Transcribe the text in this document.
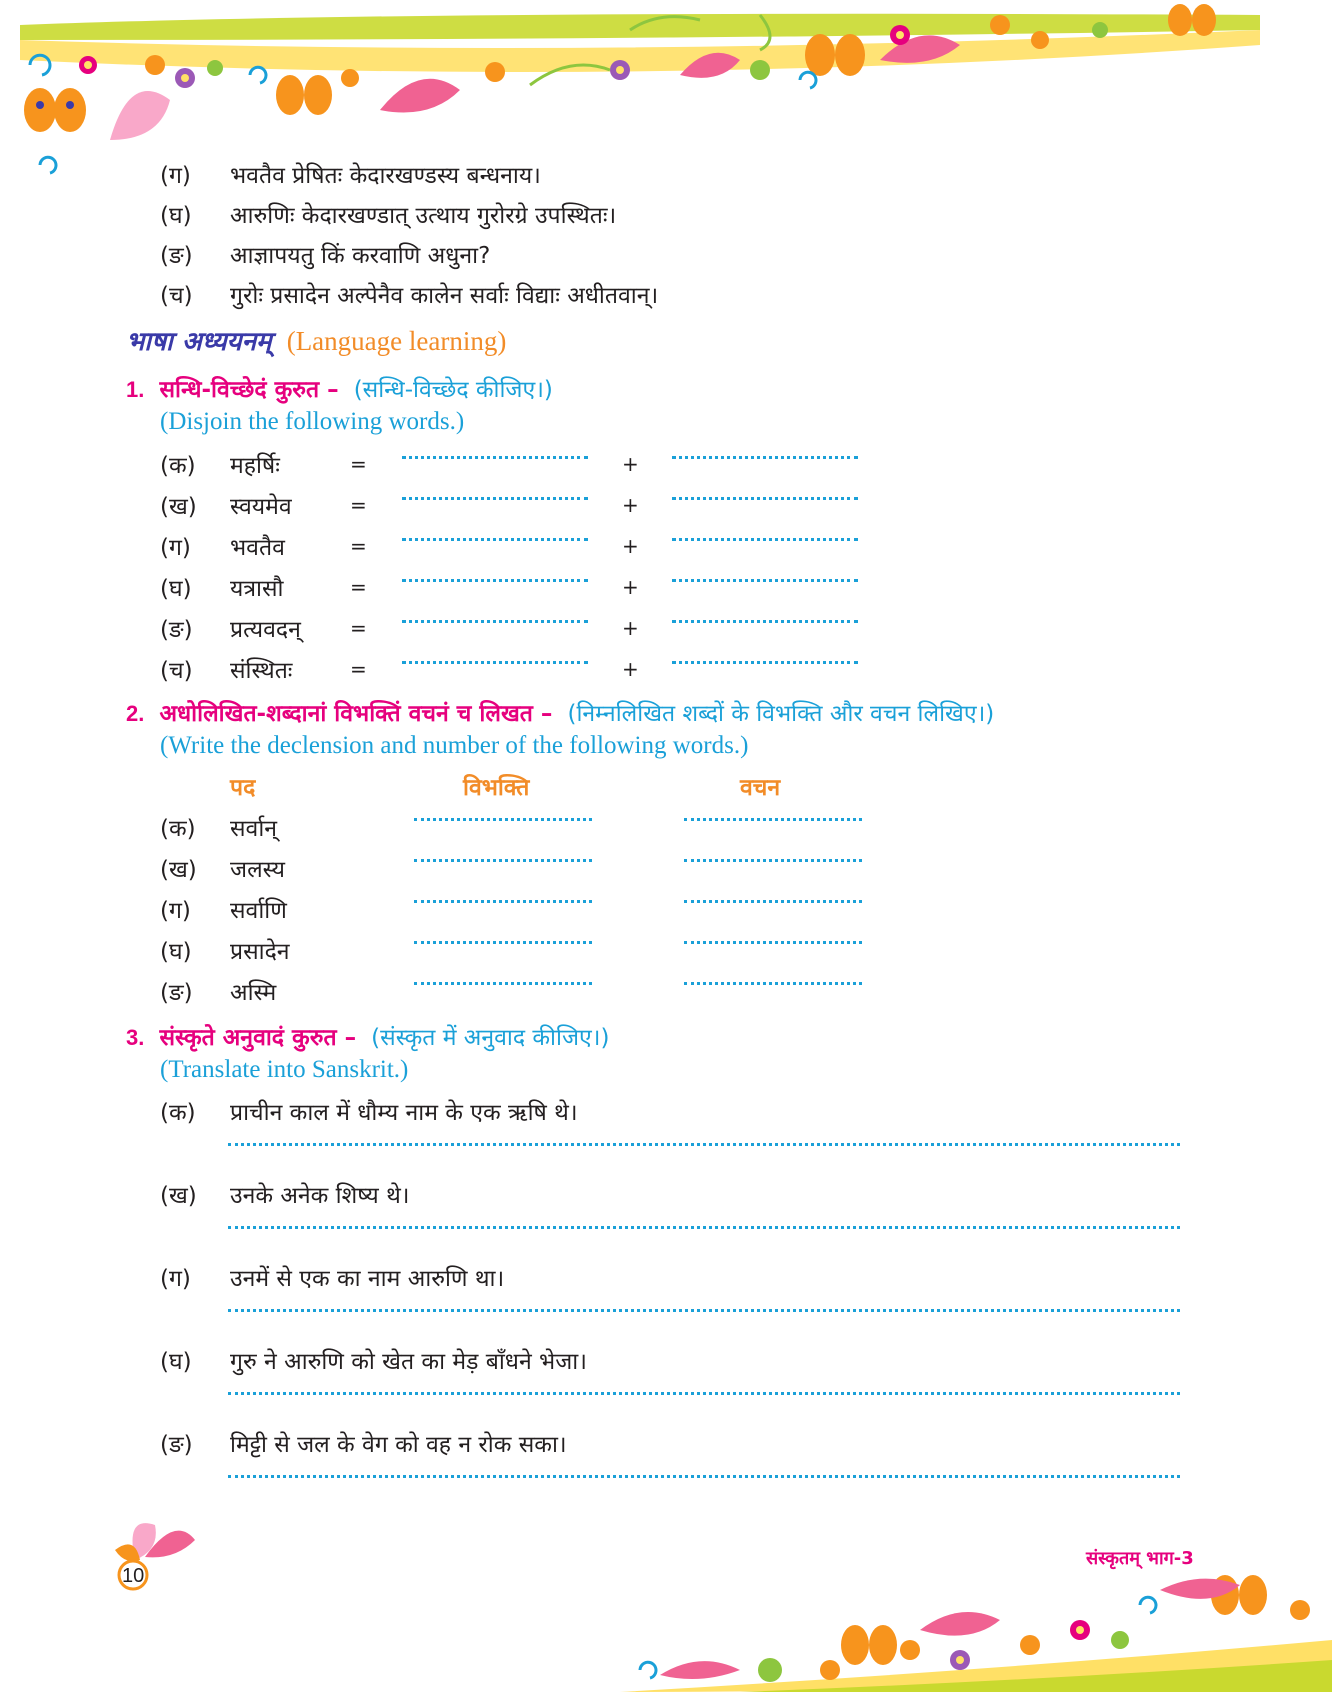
(ग) भवतैव प्रेषितः केदारखण्डस्य बन्धनाय।
(घ) आरुणिः केदारखण्डात् उत्थाय गुरोरग्रे उपस्थितः।
(ङ) आज्ञापयतु किं करवाणि अधुना?
(च) गुरोः प्रसादेन अल्पेनैव कालेन सर्वाः विद्याः अधीतवान्।
भाषा अध्ययनम् (Language learning)
1. सन्धि-विच्छेदं कुरुत – (सन्धि-विच्छेद कीजिए।)
(Disjoin the following words.)
(क) महर्षिः	=	+
(ख) स्वयमेव	=	+
(ग) भवतैव	=	+
(घ) यत्रासौ	=	+
(ङ) प्रत्यवदन् =	+
(च) संस्थितः	=	+
2. अधोलिखित-शब्दानां विभक्तिं वचनं च लिखत – (निम्नलिखित शब्दों के विभक्ति और वचन लिखिए।)
(Write the declension and number of the following words.)
पद	विभक्ति	वचन
(क) सर्वान्
(ख) जलस्य
(ग) सर्वाणि
(घ) प्रसादेन
(ङ) अस्मि
3. संस्कृते अनुवादं कुरुत – (संस्कृत में अनुवाद कीजिए।)
(Translate into Sanskrit.)
(क) प्राचीन काल में धौम्य नाम के एक ऋषि थे।
(ख) उनके अनेक शिष्य थे।
(ग) उनमें से एक का नाम आरुणि था।
(घ) गुरु ने आरुणि को खेत का मेड़ बाँधने भेजा।
(ङ) मिट्टी से जल के वेग को वह न रोक सका।
10
संस्कृतम् भाग-3
